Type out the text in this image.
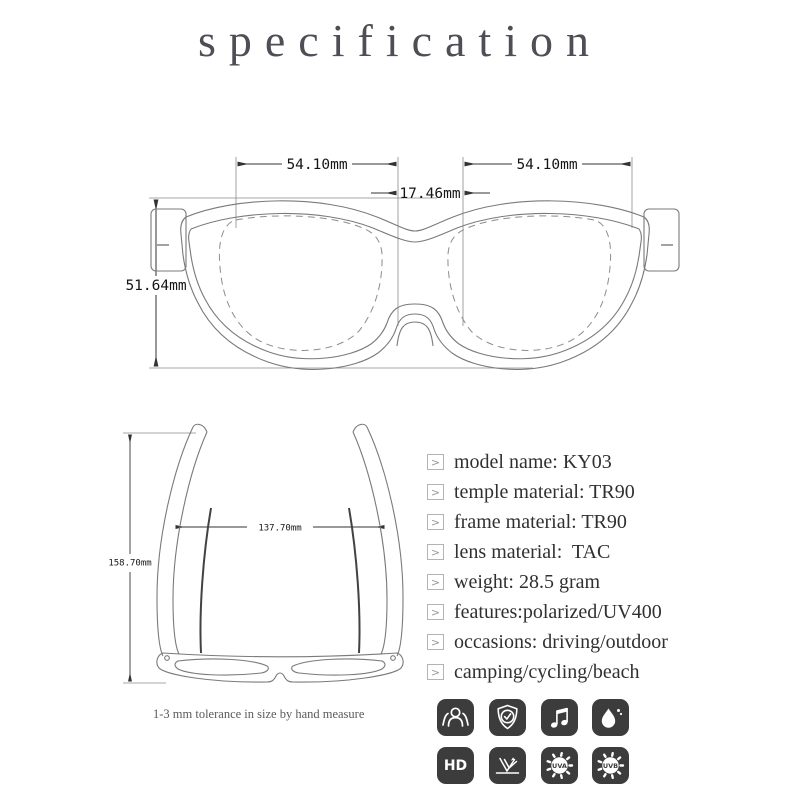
specification
54.10mm
17.46mm
54.10mm
51.64mm
158.70mm
137.70mm
> model name: KY03
> temple material: TR90
> frame material: TR90
> lens material:  TAC
> weight: 28.5 gram
> features:polarized/UV400
> occasions: driving/outdoor
> camping/cycling/beach
1-3 mm tolerance in size by hand measure
HD	UVA	UVB
